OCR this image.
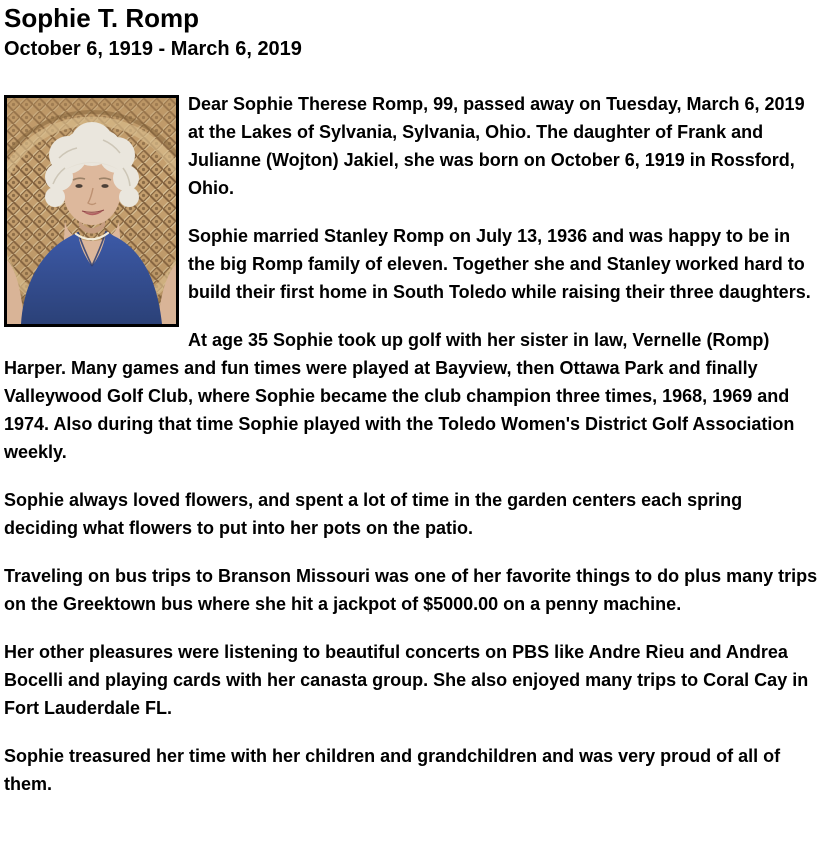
Sophie T. Romp
October 6, 1919 - March 6, 2019

Dear Sophie Therese Romp, 99, passed away on Tuesday, March 6, 2019 at the Lakes of Sylvania, Sylvania, Ohio. The daughter of Frank and Julianne (Wojton) Jakiel, she was born on October 6, 1919 in Rossford, Ohio.

Sophie married Stanley Romp on July 13, 1936 and was happy to be in the big Romp family of eleven. Together she and Stanley worked hard to build their first home in South Toledo while raising their three daughters.

At age 35 Sophie took up golf with her sister in law, Vernelle (Romp) Harper. Many games and fun times were played at Bayview, then Ottawa Park and finally Valleywood Golf Club, where Sophie became the club champion three times, 1968, 1969 and 1974. Also during that time Sophie played with the Toledo Women's District Golf Association weekly.

Sophie always loved flowers, and spent a lot of time in the garden centers each spring deciding what flowers to put into her pots on the patio.

Traveling on bus trips to Branson Missouri was one of her favorite things to do plus many trips on the Greektown bus where she hit a jackpot of $5000.00 on a penny machine.

Her other pleasures were listening to beautiful concerts on PBS like Andre Rieu and Andrea Bocelli and playing cards with her canasta group. She also enjoyed many trips to Coral Cay in Fort Lauderdale FL.

Sophie treasured her time with her children and grandchildren and was very proud of all of them.
